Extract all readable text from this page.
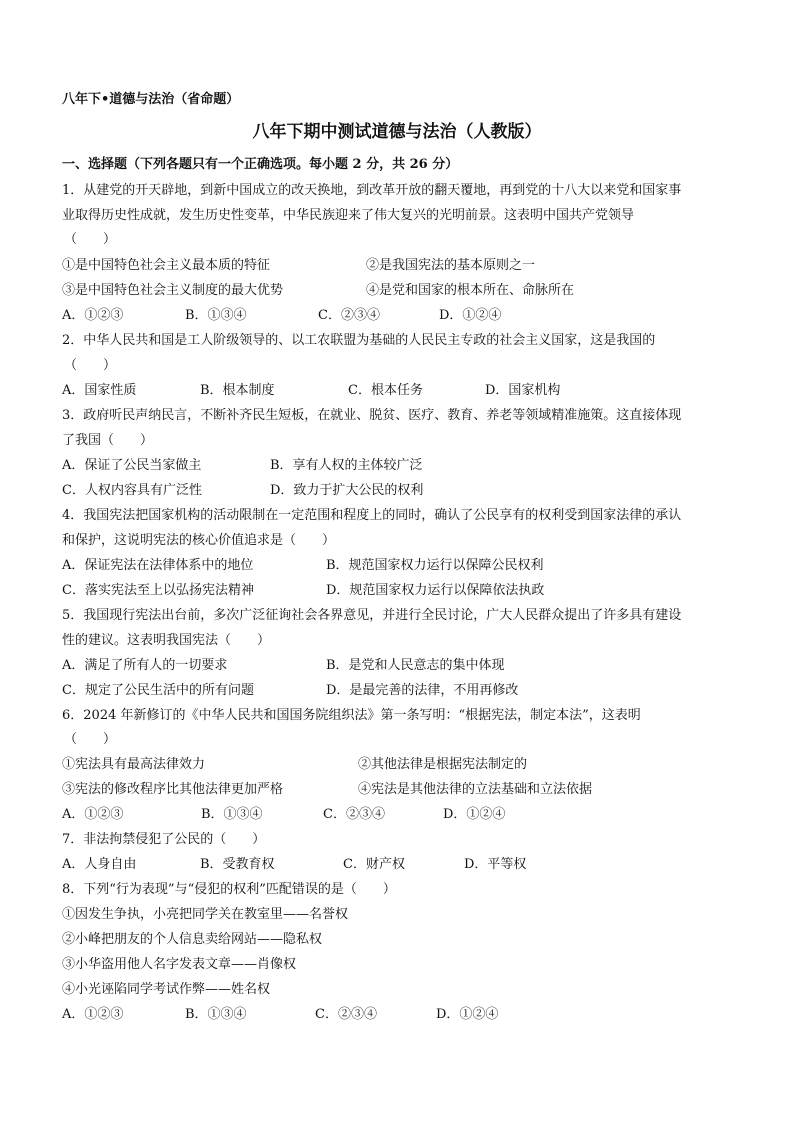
八年下•道德与法治（省命题）
八年下期中测试道德与法治（人教版）
一、选择题（下列各题只有一个正确选项。每小题 2 分，共 26 分）
1．从建党的开天辟地，到新中国成立的改天换地，到改革开放的翻天覆地，再到党的十八大以来党和国家事
业取得历史性成就，发生历史性变革，中华民族迎来了伟大复兴的光明前景。这表明中国共产党领导
（　　）
①是中国特色社会主义最本质的特征	②是我国宪法的基本原则之一
③是中国特色社会主义制度的最大优势	④是党和国家的根本所在、命脉所在
A．①②③	B．①③④	C．②③④	D．①②④
2．中华人民共和国是工人阶级领导的、以工农联盟为基础的人民民主专政的社会主义国家，这是我国的
（　　）
A．国家性质	B．根本制度	C．根本任务	D．国家机构
3．政府听民声纳民言，不断补齐民生短板，在就业、脱贫、医疗、教育、养老等领域精准施策。这直接体现
了我国（　　）
A．保证了公民当家做主	B．享有人权的主体较广泛
C．人权内容具有广泛性	D．致力于扩大公民的权利
4．我国宪法把国家机构的活动限制在一定范围和程度上的同时，确认了公民享有的权利受到国家法律的承认
和保护，这说明宪法的核心价值追求是（　　）
A．保证宪法在法律体系中的地位	B．规范国家权力运行以保障公民权利
C．落实宪法至上以弘扬宪法精神	D．规范国家权力运行以保障依法执政
5．我国现行宪法出台前，多次广泛征询社会各界意见，并进行全民讨论，广大人民群众提出了许多具有建设
性的建议。这表明我国宪法（　　）
A．满足了所有人的一切要求	B．是党和人民意志的集中体现
C．规定了公民生活中的所有问题	D．是最完善的法律，不用再修改
6．2024 年新修订的《中华人民共和国国务院组织法》第一条写明：“根据宪法，制定本法”，这表明
（　　）
①宪法具有最高法律效力	②其他法律是根据宪法制定的
③宪法的修改程序比其他法律更加严格	④宪法是其他法律的立法基础和立法依据
A．①②③	B．①③④	C．②③④	D．①②④
7．非法拘禁侵犯了公民的（　　）
A．人身自由	B．受教育权	C．财产权	D．平等权
8．下列“行为表现”与“侵犯的权利”匹配错误的是（　　）
①因发生争执，小亮把同学关在教室里——名誉权
②小峰把朋友的个人信息卖给网站——隐私权
③小华盗用他人名字发表文章——肖像权
④小光诬陷同学考试作弊——姓名权
A．①②③	B．①③④	C．②③④	D．①②④
